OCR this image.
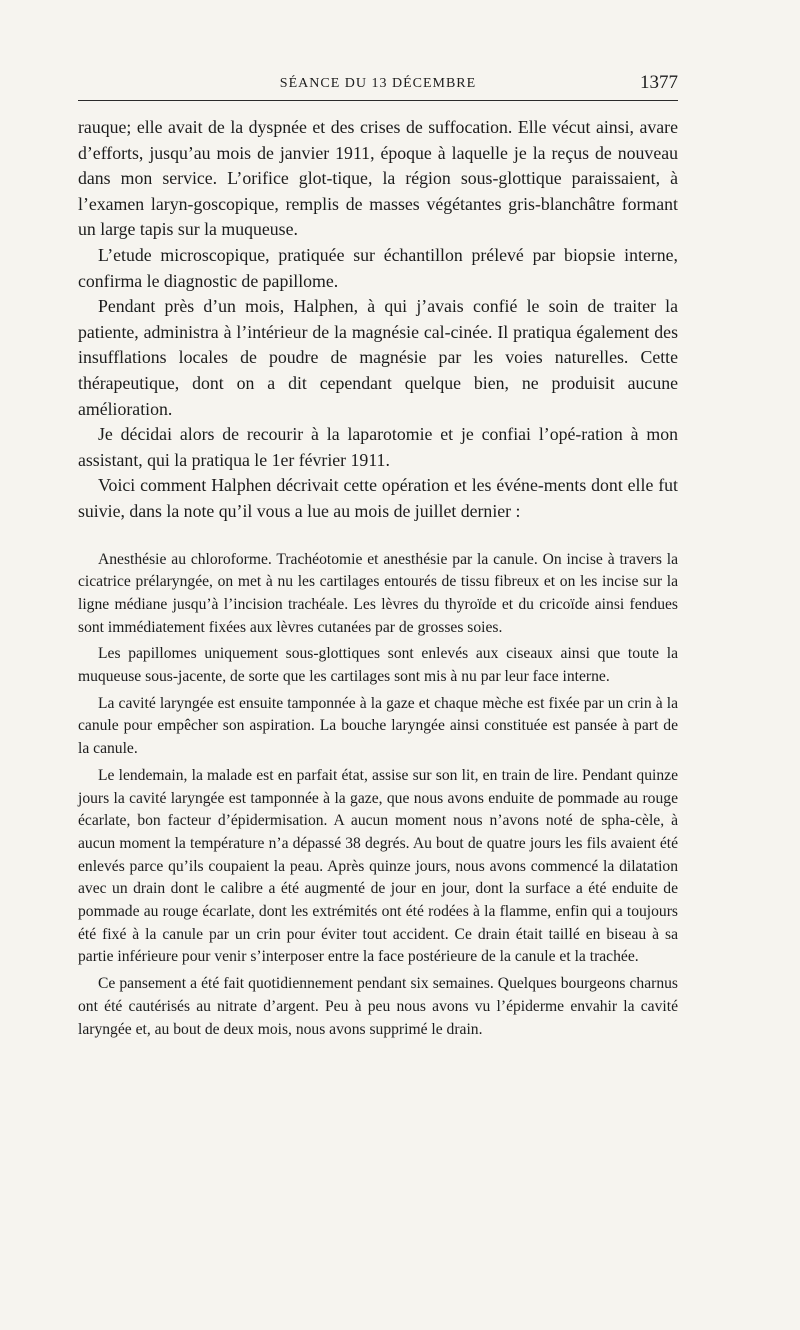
SÉANCE DU 13 DÉCEMBRE	1377

rauque; elle avait de la dyspnée et des crises de suffocation. Elle vécut ainsi, avare d’efforts, jusqu’au mois de janvier 1911, époque à laquelle je la reçus de nouveau dans mon service. L’orifice glot-tique, la région sous-glottique paraissaient, à l’examen laryn-goscopique, remplis de masses végétantes gris-blanchâtre formant un large tapis sur la muqueuse.

L’etude microscopique, pratiquée sur échantillon prélevé par biopsie interne, confirma le diagnostic de papillome.

Pendant près d’un mois, Halphen, à qui j’avais confié le soin de traiter la patiente, administra à l’intérieur de la magnésie cal-cinée. Il pratiqua également des insufflations locales de poudre de magnésie par les voies naturelles. Cette thérapeutique, dont on a dit cependant quelque bien, ne produisit aucune amélioration.

Je décidai alors de recourir à la laparotomie et je confiai l’opé-ration à mon assistant, qui la pratiqua le 1er février 1911.

Voici comment Halphen décrivait cette opération et les événe-ments dont elle fut suivie, dans la note qu’il vous a lue au mois de juillet dernier :

Anesthésie au chloroforme. Trachéotomie et anesthésie par la canule. On incise à travers la cicatrice prélaryngée, on met à nu les cartilages entourés de tissu fibreux et on les incise sur la ligne médiane jusqu’à l’incision trachéale. Les lèvres du thyroïde et du cricoïde ainsi fendues sont immédiatement fixées aux lèvres cutanées par de grosses soies.

Les papillomes uniquement sous-glottiques sont enlevés aux ciseaux ainsi que toute la muqueuse sous-jacente, de sorte que les cartilages sont mis à nu par leur face interne.

La cavité laryngée est ensuite tamponnée à la gaze et chaque mèche est fixée par un crin à la canule pour empêcher son aspiration. La bouche laryngée ainsi constituée est pansée à part de la canule.

Le lendemain, la malade est en parfait état, assise sur son lit, en train de lire. Pendant quinze jours la cavité laryngée est tamponnée à la gaze, que nous avons enduite de pommade au rouge écarlate, bon facteur d’épidermisation. A aucun moment nous n’avons noté de spha-cèle, à aucun moment la température n’a dépassé 38 degrés. Au bout de quatre jours les fils avaient été enlevés parce qu’ils coupaient la peau. Après quinze jours, nous avons commencé la dilatation avec un drain dont le calibre a été augmenté de jour en jour, dont la surface a été enduite de pommade au rouge écarlate, dont les extrémités ont été rodées à la flamme, enfin qui a toujours été fixé à la canule par un crin pour éviter tout accident. Ce drain était taillé en biseau à sa partie inférieure pour venir s’interposer entre la face postérieure de la canule et la trachée.

Ce pansement a été fait quotidiennement pendant six semaines. Quelques bourgeons charnus ont été cautérisés au nitrate d’argent. Peu à peu nous avons vu l’épiderme envahir la cavité laryngée et, au bout de deux mois, nous avons supprimé le drain.
